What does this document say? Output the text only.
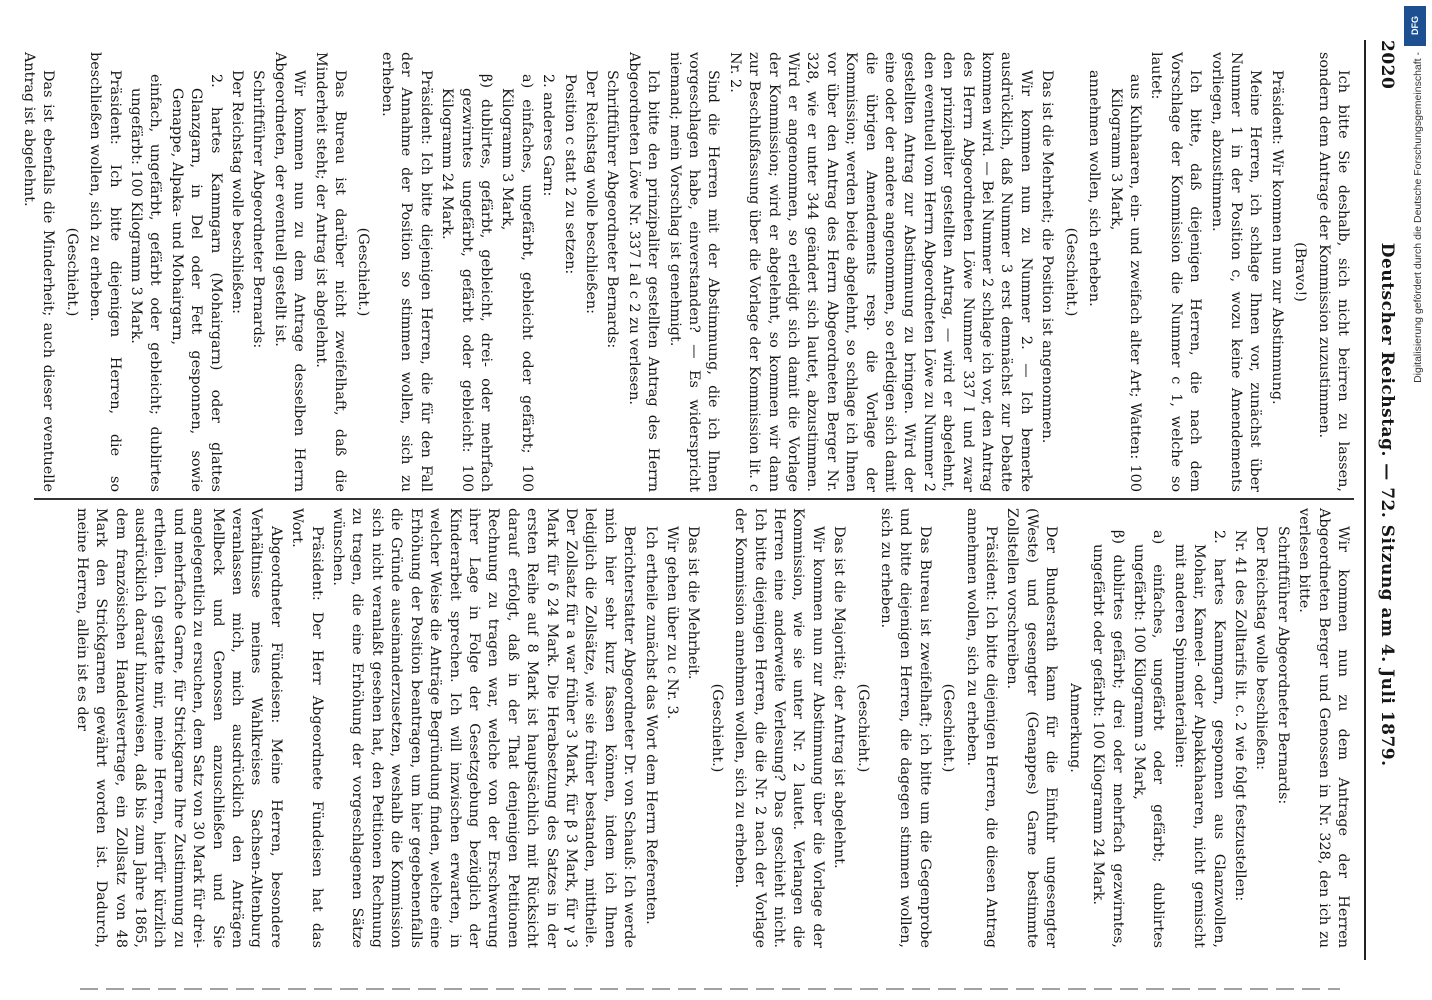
2020
Deutscher Reichstag. — 72. Sitzung am 4. Juli 1879.

Ich bitte Sie deshalb, sich nicht beirren zu lassen, sondern dem Antrage der Kommission zuzustimmen.

(Bravo!)

Präsident: Wir kommen nun zur Abstimmung.

Meine Herren, ich schlage Ihnen vor, zunächst über Nummer 1 in der Position c, wozu keine Amendements vorliegen, abzustimmen.

Ich bitte, daß diejenigen Herren, die nach dem Vorschlage der Kommission die Nummer c 1, welche so lautet:

aus Kuhhaaren, ein- und zweifach alter Art; Watten: 100 Kilogramm 3 Mark,

annehmen wollen, sich erheben.

(Geschieht.)

Das ist die Mehrheit; die Position ist angenommen.

Wir kommen nun zu Nummer 2. — Ich bemerke ausdrücklich, daß Nummer 3 erst demnächst zur Debatte kommen wird. — Bei Nummer 2 schlage ich vor, den Antrag des Herrn Abgeordneten Löwe Nummer 337 I und zwar den prinzipaliter gestellten Antrag, — wird er abgelehnt, den eventuell vom Herrn Abgeordneten Löwe zu Nummer 2 gestellten Antrag zur Abstimmung zu bringen. Wird der eine oder der andere angenommen, so erledigen sich damit die übrigen Amendements resp. die Vorlage der Kommission; werden beide abgelehnt, so schlage ich Ihnen vor über den Antrag des Herrn Abgeordneten Berger Nr. 328, wie er unter 344 geändert sich lautet, abzustimmen. Wird er angenommen, so erledigt sich damit die Vorlage der Kommission; wird er abgelehnt, so kommen wir dann zur Beschlußfassung über die Vorlage der Kommission lit. c Nr. 2.

Sind die Herren mit der Abstimmung, die ich Ihnen vorgeschlagen habe, einverstanden? — Es widerspricht niemand; mein Vorschlag ist genehmigt.

Ich bitte den prinzipaliter gestellten Antrag des Herrn Abgeordneten Löwe Nr. 337 I al c 2 zu verlesen.

Schriftführer Abgeordneter Bernards:

Der Reichstag wolle beschließen:

Position c statt 2 zu setzen:

2. anderes Garn:

a) einfaches, ungefärbt, gebleicht oder gefärbt; 100 Kilogramm 3 Mark,

β) dublirtes, gefärbt, gebleicht, drei- oder mehrfach gezwirntes ungefärbt, gefärbt oder gebleicht: 100 Kilogramm 24 Mark.

Präsident: Ich bitte diejenigen Herren, die für den Fall der Annahme der Position so stimmen wollen, sich zu erheben.

(Geschieht.)

Das Bureau ist darüber nicht zweifelhaft, daß die Minderheit steht; der Antrag ist abgelehnt.

Wir kommen nun zu dem Antrage desselben Herrn Abgeordneten, der eventuell gestellt ist.

Schriftführer Abgeordneter Bernards:

Der Reichstag wolle beschließen:

2. hartes Kammgarn (Mohairgarn) oder glattes Glanzgarn, in Del oder Fett gesponnen, sowie Genappe, Alpaka- und Mohairgarn,

einfach, ungefärbt, gefärbt oder gebleicht; dublirtes ungefärbt: 100 Kilogramm 3 Mark.

Präsident: Ich bitte diejenigen Herren, die so beschließen wollen, sich zu erheben.

(Geschieht.)

Das ist ebenfalls die Minderheit; auch dieser eventuelle Antrag ist abgelehnt.

Wir kommen nun zu dem Antrage der Herren Abgeordneten Berger und Genossen in Nr. 328, den ich zu verlesen bitte.

Schriftführer Abgeordneter Bernards:

Der Reichstag wolle beschließen:

Nr. 41 des Zolltarifs lit. c. 2 wie folgt festzustellen:

2. hartes Kammgarn, gesponnen aus Glanzwollen, Mohair, Kameel- oder Alpakkahaaren, nicht gemischt mit anderen Spinnmaterialien:

a) einfaches, ungefärbt oder gefärbt; dublirtes ungefärbt: 100 Kilogramm 3 Mark,

β) dublirtes gefärbt; drei oder mehrfach gezwirntes, ungefärbt oder gefärbt: 100 Kilogramm 24 Mark.

Anmerkung.

Der Bundesrath kann für die Einfuhr ungesengter (Weste) und gesengter (Genappes) Garne bestimmte Zollstellen vorschreiben.

Präsident: Ich bitte diejenigen Herren, die diesen Antrag annehmen wollen, sich zu erheben.

(Geschieht.)

Das Bureau ist zweifelhaft; ich bitte um die Gegenprobe und bitte diejenigen Herren, die dagegen stimmen wollen, sich zu erheben.

(Geschieht.)

Das ist die Majorität; der Antrag ist abgelehnt.

Wir kommen nun zur Abstimmung über die Vorlage der Kommission, wie sie unter Nr. 2 lautet. Verlangen die Herren eine anderweite Verlesung? Das geschieht nicht. Ich bitte diejenigen Herren, die die Nr. 2 nach der Vorlage der Kommission annehmen wollen, sich zu erheben.

(Geschieht.)

Das ist die Mehrheit.

Wir gehen über zu c Nr. 3.

Ich ertheile zunächst das Wort dem Herrn Referenten.

Berichterstatter Abgeordneter Dr. von Schauß: Ich werde mich hier sehr kurz fassen können, indem ich Ihnen lediglich die Zollsätze, wie sie früher bestanden, mittheile. Der Zollsatz für a war früher 3 Mark, für β 3 Mark, für γ 3 Mark für δ 24 Mark. Die Herabsetzung des Satzes in der ersten Reihe auf 8 Mark ist hauptsächlich mit Rücksicht darauf erfolgt, daß in der That denjenigen Petitionen Rechnung zu tragen war, welche von der Erschwerung ihrer Lage in Folge der Gesetzgebung bezüglich der Kinderarbeit sprechen. Ich will inzwischen erwarten, in welcher Weise die Anträge Begründung finden, welche eine Erhöhung der Position beantragen, um hier gegebenenfalls die Gründe auseinanderzusetzen, weshalb die Kommission sich nicht veranlaßt gesehen hat, den Petitionen Rechnung zu tragen, die eine Erhöhung der vorgeschlagenen Sätze wünschen.

Präsident: Der Herr Abgeordnete Fündeisen hat das Wort.

Abgeordneter Fündeisen: Meine Herren, besondere Verhältnisse meines Wahlkreises Sachsen-Altenburg veranlassen mich, mich ausdrücklich den Anträgen Mellbeck und Genossen anzuschließen und Sie angelegentlich zu ersuchen, dem Satz von 30 Mark für drei- und mehrfache Garne, für Strickgarne Ihre Zustimmung zu ertheilen. Ich gestatte mir, meine Herren, hierfür kürzlich ausdrücklich darauf hinzuweisen, daß bis zum Jahre 1865, dem französischen Handelsvertrage, ein Zollsatz von 48 Mark den Strickgarnen gewährt worden ist. Dadurch, meine Herren, allein ist es der

DFG
Digitalisierung gefördert durch die Deutsche Forschungsgemeinschaft -
